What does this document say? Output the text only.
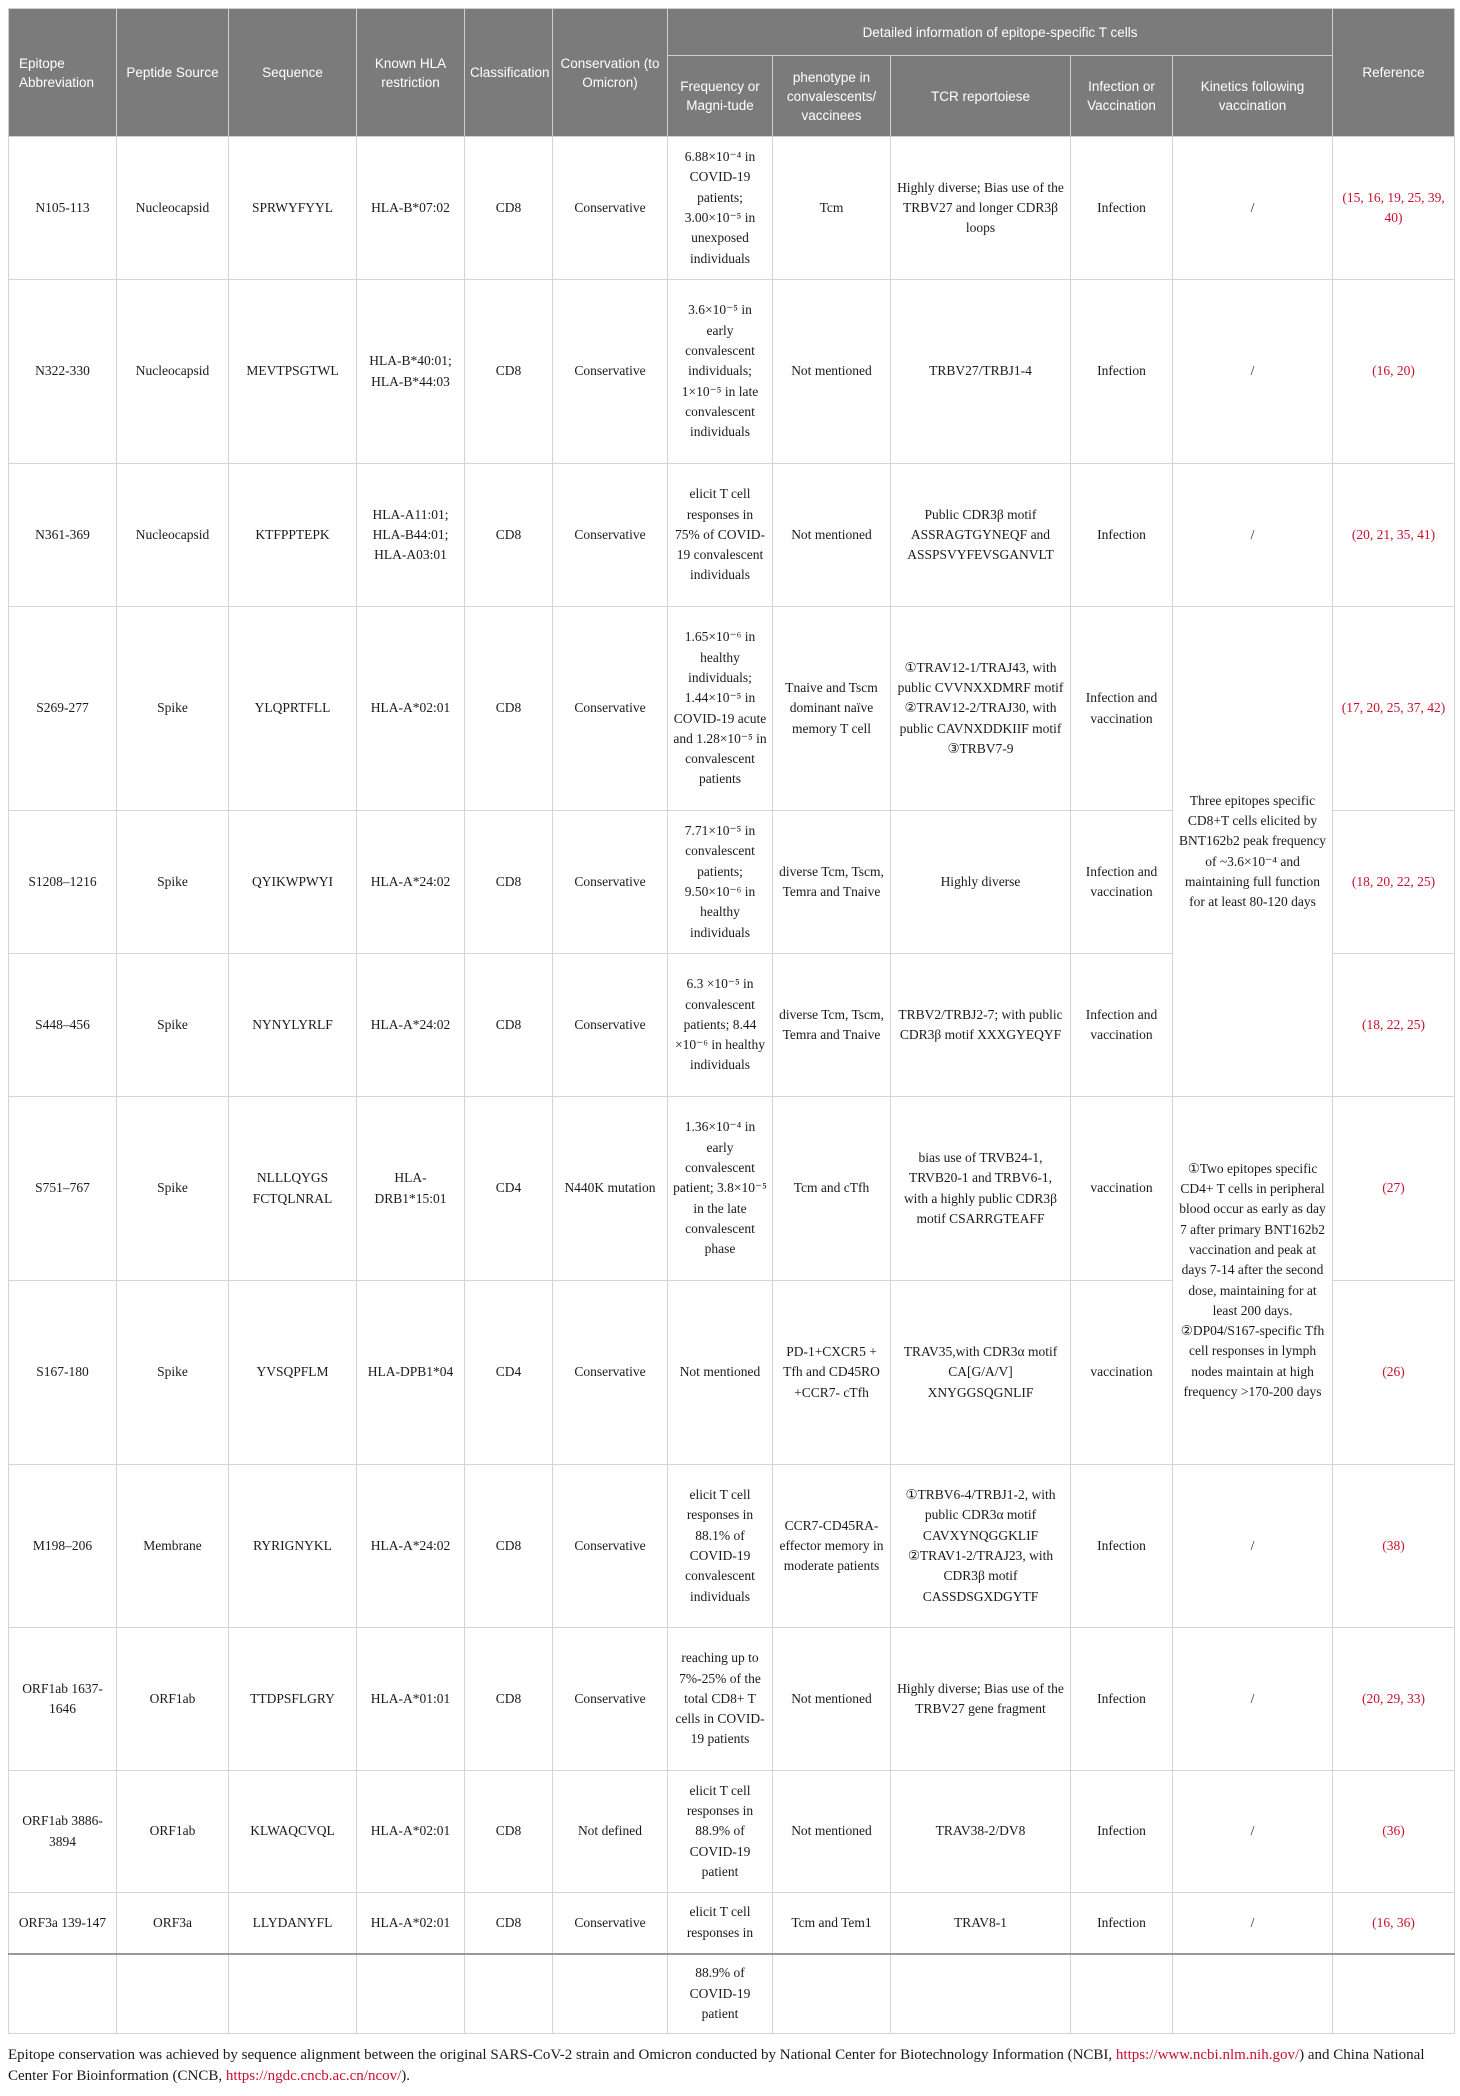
Epitope Abbreviation	Peptide Source	Sequence	Known HLA restriction	Classification	Conservation (to Omicron)	Detailed information of epitope-specific T cells					Reference
						Frequency or Magni-tude	phenotype in convalescents/ vaccinees	TCR reportoiese	Infection or Vaccination	Kinetics following vaccination	
N105-113	Nucleocapsid	SPRWYFYYL	HLA-B*07:02	CD8	Conservative	6.88×10⁻⁴ in COVID-19 patients; 3.00×10⁻⁵ in unexposed individuals	Tcm	Highly diverse; Bias use of the TRBV27 and longer CDR3β loops	Infection	/	(15, 16, 19, 25, 39, 40)
N322-330	Nucleocapsid	MEVTPSGTWL	HLA-B*40:01; HLA-B*44:03	CD8	Conservative	3.6×10⁻⁵ in early convalescent individuals; 1×10⁻⁵ in late convalescent individuals	Not mentioned	TRBV27/TRBJ1-4	Infection	/	(16, 20)
N361-369	Nucleocapsid	KTFPPTEPK	HLA-A11:01; HLA-B44:01; HLA-A03:01	CD8	Conservative	elicit T cell responses in 75% of COVID-19 convalescent individuals	Not mentioned	Public CDR3β motif ASSRAGTGYNEQF and ASSPSVYFEVSGANVLT	Infection	/	(20, 21, 35, 41)
S269-277	Spike	YLQPRTFLL	HLA-A*02:01	CD8	Conservative	1.65×10⁻⁶ in healthy individuals; 1.44×10⁻⁵ in COVID-19 acute and 1.28×10⁻⁵ in convalescent patients	Tnaive and Tscm dominant naïve memory T cell	①TRAV12-1/TRAJ43, with public CVVNXXDMRF motif ②TRAV12-2/TRAJ30, with public CAVNXDDKIIF motif ③TRBV7-9	Infection and vaccination	Three epitopes specific CD8+T cells elicited by BNT162b2 peak frequency of ~3.6×10⁻⁴ and maintaining full function for at least 80-120 days	(17, 20, 25, 37, 42)
S1208–1216	Spike	QYIKWPWYI	HLA-A*24:02	CD8	Conservative	7.71×10⁻⁵ in convalescent patients; 9.50×10⁻⁶ in healthy individuals	diverse Tcm, Tscm, Temra and Tnaive	Highly diverse	Infection and vaccination		(18, 20, 22, 25)
S448–456	Spike	NYNYLYRLF	HLA-A*24:02	CD8	Conservative	6.3 ×10⁻⁵ in convalescent patients; 8.44 ×10⁻⁶ in healthy individuals	diverse Tcm, Tscm, Temra and Tnaive	TRBV2/TRBJ2-7; with public CDR3β motif XXXGYEQYF	Infection and vaccination		(18, 22, 25)
S751–767	Spike	NLLLQYGS FCTQLNRAL	HLA-DRB1*15:01	CD4	N440K mutation	1.36×10⁻⁴ in early convalescent patient; 3.8×10⁻⁵ in the late convalescent phase	Tcm and cTfh	bias use of TRVB24-1, TRVB20-1 and TRBV6-1, with a highly public CDR3β motif CSARRGTEAFF	vaccination	①Two epitopes specific CD4+ T cells in peripheral blood occur as early as day 7 after primary BNT162b2 vaccination and peak at days 7-14 after the second dose, maintaining for at least 200 days. ②DP04/S167-specific Tfh cell responses in lymph nodes maintain at high frequency >170-200 days	(27)
S167-180	Spike	YVSQPFLM	HLA-DPB1*04	CD4	Conservative	Not mentioned	PD-1+CXCR5 + Tfh and CD45RO +CCR7- cTfh	TRAV35,with CDR3α motif CA[G/A/V] XNYGGSQGNLIF	vaccination		(26)
M198–206	Membrane	RYRIGNYKL	HLA-A*24:02	CD8	Conservative	elicit T cell responses in 88.1% of COVID-19 convalescent individuals	CCR7-CD45RA- effector memory in moderate patients	①TRBV6-4/TRBJ1-2, with public CDR3α motif CAVXYNQGGKLIF ②TRAV1-2/TRAJ23, with CDR3β motif CASSDSGXDGYTF	Infection	/	(38)
ORF1ab 1637-1646	ORF1ab	TTDPSFLGRY	HLA-A*01:01	CD8	Conservative	reaching up to 7%-25% of the total CD8+ T cells in COVID-19 patients	Not mentioned	Highly diverse; Bias use of the TRBV27 gene fragment	Infection	/	(20, 29, 33)
ORF1ab 3886-3894	ORF1ab	KLWAQCVQL	HLA-A*02:01	CD8	Not defined	elicit T cell responses in 88.9% of COVID-19 patient	Not mentioned	TRAV38-2/DV8	Infection	/	(36)
ORF3a 139-147	ORF3a	LLYDANYFL	HLA-A*02:01	CD8	Conservative	elicit T cell responses in	Tcm and Tem1	TRAV8-1	Infection	/	(16, 36)
						88.9% of COVID-19 patient					
Epitope conservation was achieved by sequence alignment between the original SARS-CoV-2 strain and Omicron conducted by National Center for Biotechnology Information (NCBI, https://www.ncbi.nlm.nih.gov/) and China National Center For Bioinformation (CNCB, https://ngdc.cncb.ac.cn/ncov/).
